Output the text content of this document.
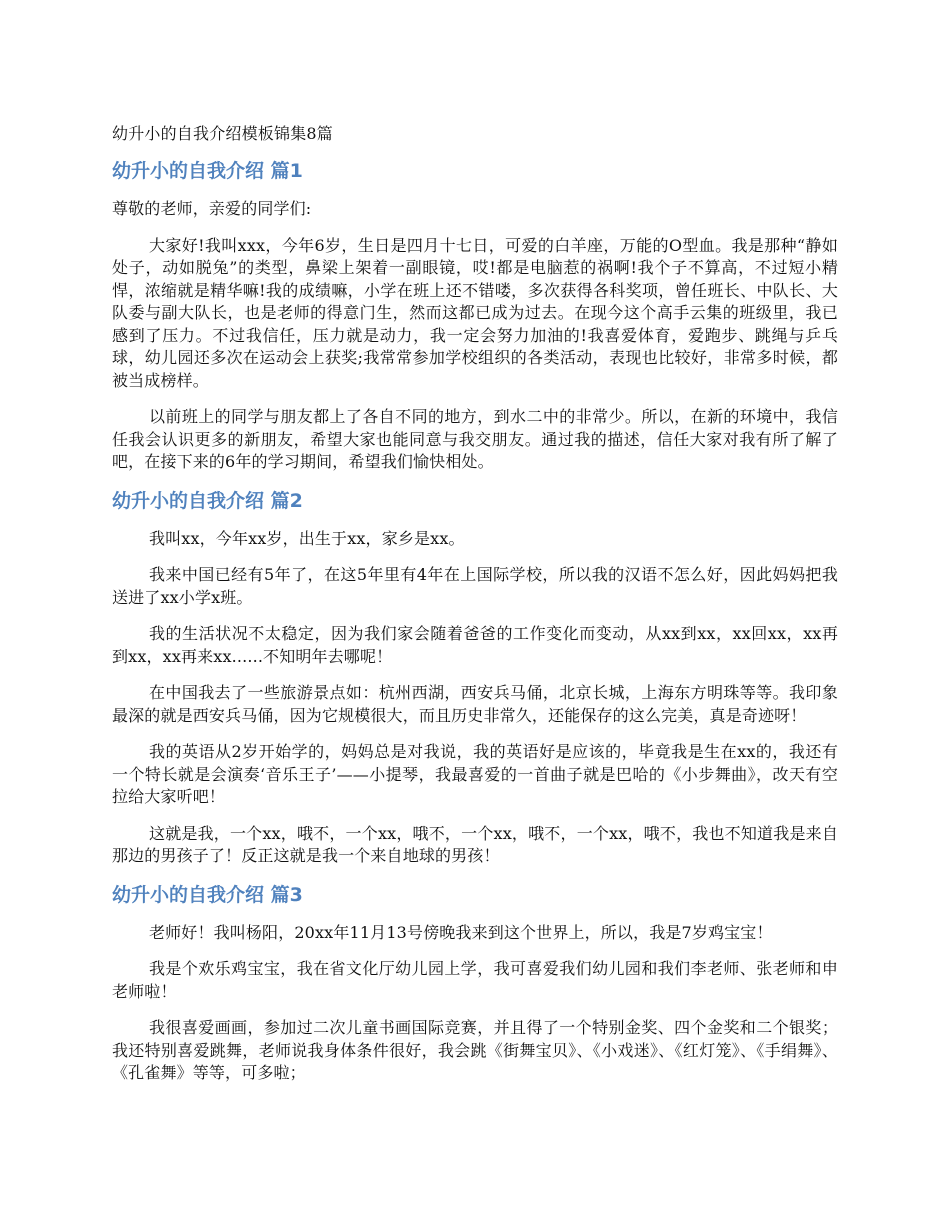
幼升小的自我介绍模板锦集8篇
幼升小的自我介绍 篇1
尊敬的老师，亲爱的同学们:
大家好!我叫xxx，今年6岁，生日是四月十七日，可爱的白羊座，万能的O型血。我是那种“静如处子，动如脱兔”的类型，鼻梁上架着一副眼镜，哎!都是电脑惹的祸啊!我个子不算高，不过短小精悍，浓缩就是精华嘛!我的成绩嘛，小学在班上还不错喽，多次获得各科奖项，曾任班长、中队长、大队委与副大队长，也是老师的得意门生，然而这都已成为过去。在现今这个高手云集的班级里，我已感到了压力。不过我信任，压力就是动力，我一定会努力加油的!我喜爱体育，爱跑步、跳绳与乒乓球，幼儿园还多次在运动会上获奖;我常常参加学校组织的各类活动，表现也比较好，非常多时候，都被当成榜样。
以前班上的同学与朋友都上了各自不同的地方，到水二中的非常少。所以，在新的环境中，我信任我会认识更多的新朋友，希望大家也能同意与我交朋友。通过我的描述，信任大家对我有所了解了吧，在接下来的6年的学习期间，希望我们愉快相处。
幼升小的自我介绍 篇2
我叫xx，今年xx岁，出生于xx，家乡是xx。
我来中国已经有5年了，在这5年里有4年在上国际学校，所以我的汉语不怎么好，因此妈妈把我送进了xx小学x班。
我的生活状况不太稳定，因为我们家会随着爸爸的工作变化而变动，从xx到xx，xx回xx，xx再到xx，xx再来xx......不知明年去哪呢！
在中国我去了一些旅游景点如：杭州西湖，西安兵马俑，北京长城，上海东方明珠等等。我印象最深的就是西安兵马俑，因为它规模很大，而且历史非常久，还能保存的这么完美，真是奇迹呀！
我的英语从2岁开始学的，妈妈总是对我说，我的英语好是应该的，毕竟我是生在xx的，我还有一个特长就是会演奏‘音乐王子’——小提琴，我最喜爱的一首曲子就是巴哈的《小步舞曲》，改天有空拉给大家听吧！
这就是我，一个xx，哦不，一个xx，哦不，一个xx，哦不，一个xx，哦不，我也不知道我是来自那边的男孩子了！反正这就是我一个来自地球的男孩！
幼升小的自我介绍 篇3
老师好！我叫杨阳，20xx年11月13号傍晚我来到这个世界上，所以，我是7岁鸡宝宝！
我是个欢乐鸡宝宝，我在省文化厅幼儿园上学，我可喜爱我们幼儿园和我们李老师、张老师和申老师啦！
我很喜爱画画，参加过二次儿童书画国际竞赛，并且得了一个特别金奖、四个金奖和二个银奖；我还特别喜爱跳舞，老师说我身体条件很好，我会跳《街舞宝贝》、《小戏迷》、《红灯笼》、《手绢舞》、《孔雀舞》等等，可多啦；
